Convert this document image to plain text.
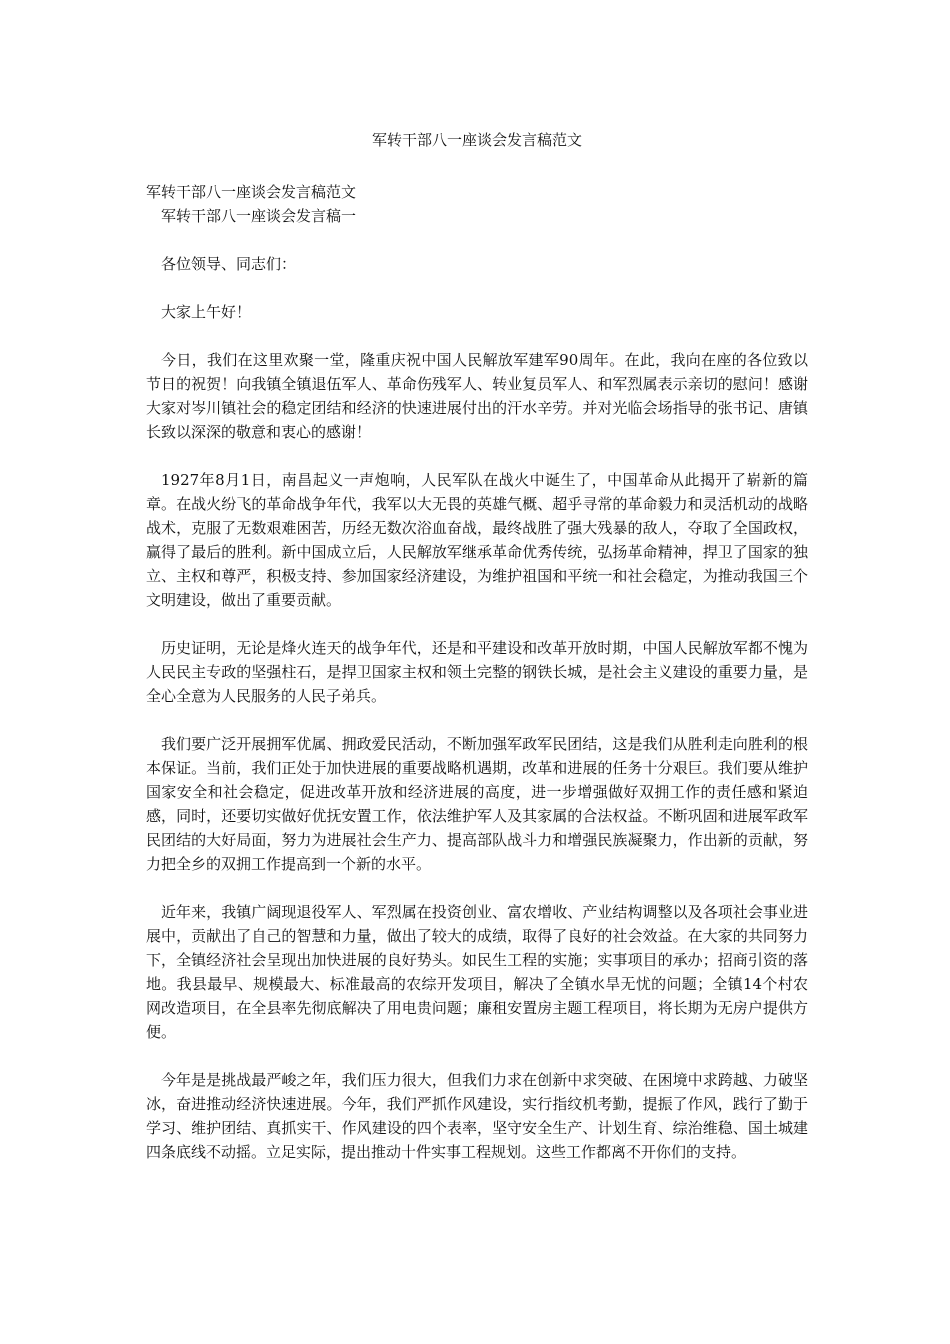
军转干部八一座谈会发言稿范文

军转干部八一座谈会发言稿范文

军转干部八一座谈会发言稿一

各位领导、同志们：

大家上午好！

今日，我们在这里欢聚一堂，隆重庆祝中国人民解放军建军90周年。在此，我向在座的各位致以节日的祝贺！向我镇全镇退伍军人、革命伤残军人、转业复员军人、和军烈属表示亲切的慰问！感谢大家对岑川镇社会的稳定团结和经济的快速进展付出的汗水辛劳。并对光临会场指导的张书记、唐镇长致以深深的敬意和衷心的感谢！

1927年8月1日，南昌起义一声炮响，人民军队在战火中诞生了，中国革命从此揭开了崭新的篇章。在战火纷飞的革命战争年代，我军以大无畏的英雄气概、超乎寻常的革命毅力和灵活机动的战略战术，克服了无数艰难困苦，历经无数次浴血奋战，最终战胜了强大残暴的敌人，夺取了全国政权，赢得了最后的胜利。新中国成立后，人民解放军继承革命优秀传统，弘扬革命精神，捍卫了国家的独立、主权和尊严，积极支持、参加国家经济建设，为维护祖国和平统一和社会稳定，为推动我国三个文明建设，做出了重要贡献。

历史证明，无论是烽火连天的战争年代，还是和平建设和改革开放时期，中国人民解放军都不愧为人民民主专政的坚强柱石，是捍卫国家主权和领土完整的钢铁长城，是社会主义建设的重要力量，是全心全意为人民服务的人民子弟兵。

我们要广泛开展拥军优属、拥政爱民活动，不断加强军政军民团结，这是我们从胜利走向胜利的根本保证。当前，我们正处于加快进展的重要战略机遇期，改革和进展的任务十分艰巨。我们要从维护国家安全和社会稳定，促进改革开放和经济进展的高度，进一步增强做好双拥工作的责任感和紧迫感，同时，还要切实做好优抚安置工作，依法维护军人及其家属的合法权益。不断巩固和进展军政军民团结的大好局面，努力为进展社会生产力、提高部队战斗力和增强民族凝聚力，作出新的贡献，努力把全乡的双拥工作提高到一个新的水平。

近年来，我镇广阔现退役军人、军烈属在投资创业、富农增收、产业结构调整以及各项社会事业进展中，贡献出了自己的智慧和力量，做出了较大的成绩，取得了良好的社会效益。在大家的共同努力下，全镇经济社会呈现出加快进展的良好势头。如民生工程的实施；实事项目的承办；招商引资的落地。我县最早、规模最大、标准最高的农综开发项目，解决了全镇水旱无忧的问题；全镇14个村农网改造项目，在全县率先彻底解决了用电贵问题；廉租安置房主题工程项目，将长期为无房户提供方便。

今年是是挑战最严峻之年，我们压力很大，但我们力求在创新中求突破、在困境中求跨越、力破坚冰，奋进推动经济快速进展。今年，我们严抓作风建设，实行指纹机考勤，提振了作风，践行了勤于学习、维护团结、真抓实干、作风建设的四个表率，坚守安全生产、计划生育、综治维稳、国土城建四条底线不动摇。立足实际，提出推动十件实事工程规划。这些工作都离不开你们的支持。
